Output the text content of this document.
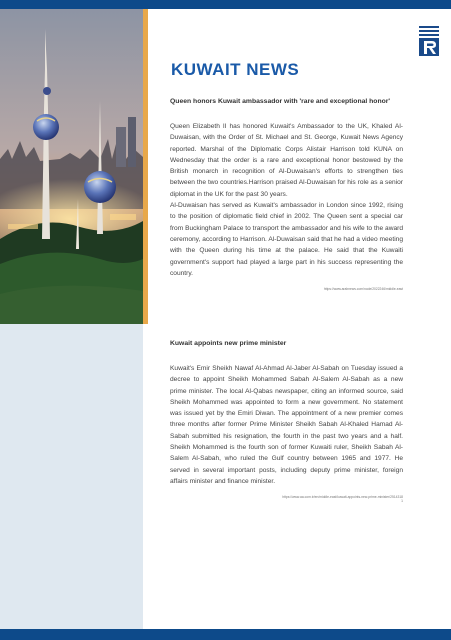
KUWAIT NEWS

Queen honors Kuwait ambassador with 'rare and exceptional honor'

Queen Elizabeth II has honored Kuwait's Ambassador to the UK, Khaled Al-Duwaisan, with the Order of St. Michael and St. George, Kuwait News Agency reported. Marshal of the Diplomatic Corps Alistair Harrison told KUNA on Wednesday that the order is a rare and exceptional honor bestowed by the British monarch in recognition of Al-Duwaisan's efforts to strengthen ties between the two countries.Harrison praised Al-Duwaisan for his role as a senior diplomat in the UK for the past 30 years.

Al-Duwaisan has served as Kuwait's ambassador in London since 1992, rising to the position of diplomatic field chief in 2002. The Queen sent a special car from Buckingham Palace to transport the ambassador and his wife to the award ceremony, according to Harrison. Al-Duwaisan said that he had a video meeting with the Queen during his time at the palace. He said that the Kuwaiti government's support had played a large part in his success representing the country.

https://www.arabnews.com/node/2022246/middle-east

Kuwait appoints new prime minister

Kuwait's Emir Sheikh Nawaf Al-Ahmad Al-Jaber Al-Sabah on Tuesday issued a decree to appoint Sheikh Mohammed Sabah Al-Salem Al-Sabah as a new prime minister. The local Al-Qabas newspaper, citing an informed source, said Sheikh Mohammed was appointed to form a new government. No statement was issued yet by the Emiri Diwan. The appointment of a new premier comes three months after former Prime Minister Sheikh Sabah Al-Khaled Hamad Al-Sabah submitted his resignation, the fourth in the past two years and a half. Sheikh Mohammed is the fourth son of former Kuwaiti ruler, Sheikh Sabah Al-Salem Al-Sabah, who ruled the Gulf country between 1965 and 1977. He served in several important posts, including deputy prime minister, foreign affairs minister and finance minister.

https://www.aa.com.tr/en/middle-east/kuwait-appoints-new-prime-minister/2514318

1
